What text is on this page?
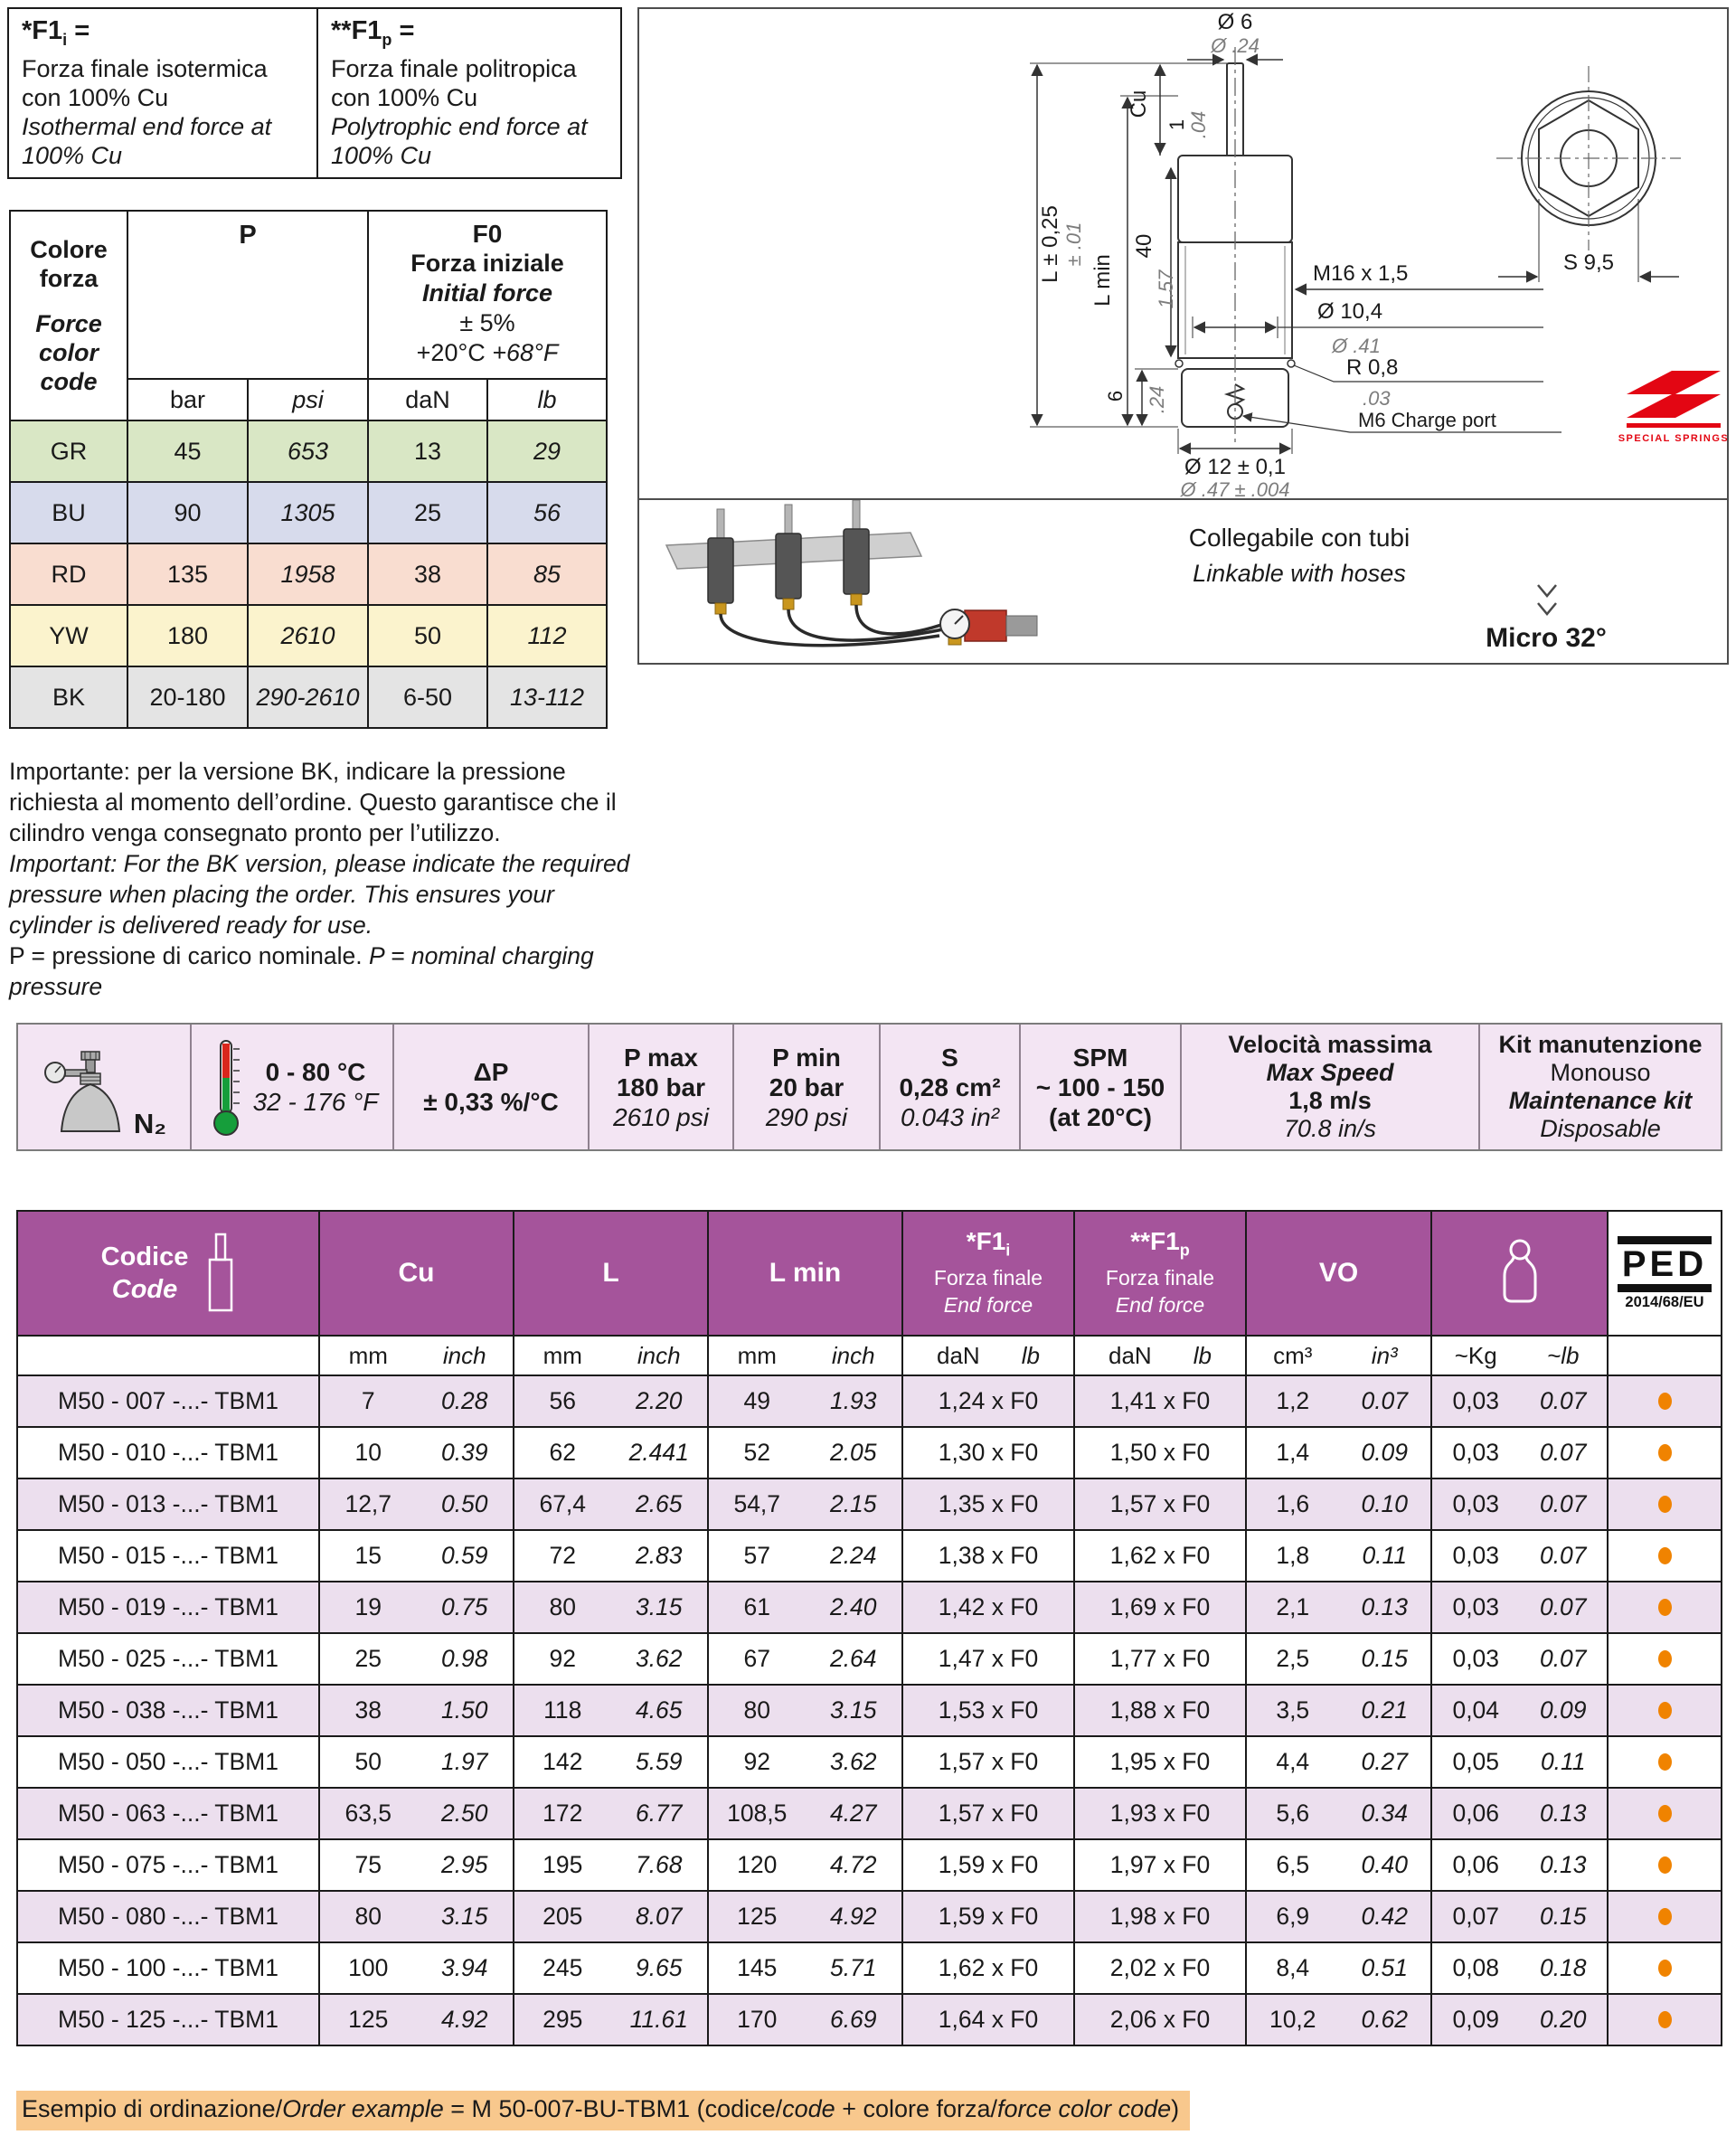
$*F1_i$ =
Forza finale isotermica
con 100% Cu
Isothermal end force at 100% Cu
$**F1_p$ =
Forza finale politropica
con 100% Cu
Polytrophic end force at 100% Cu
Colore forza
Force color code
	P	F0
Forza iniziale
Initial force
± 5%
+20°C +68°F

	bar	psi	daN	lb
GR	45	653	13	29
BU	90	1305	25	56
RD	135	1958	38	85
YW	180	2610	50	112
BK	20-180	290-2610	6-50	13-112

Importante: per la versione BK, indicare la pressione richiesta al momento dell’ordine. Questo garantisce che il cilindro venga consegnato pronto per l’utilizzo.

Important: For the BK version, please indicate the required pressure when placing the order. This ensures your cylinder is delivered ready for use.

P = pressione di carico nominale. P = nominal charging pressure

Ø 6
Ø .24
L ± 0,25 ± .01
L min
Cu
1 .04
40
1.57
6 .24
M16 x 1,5
Ø 10,4
Ø .41
R 0,8
.03
M6 Charge port
Ø 12 ± 0,1
Ø .47 ± .004
S 9,5
SPECIAL SPRINGS
Collegabile con tubi
Linkable with hoses
Micro 32°
N₂
0 - 80 °C
32 - 176 °F
ΔP
± 0,33 %/°C
P max
180 bar
2610 psi
P min
20 bar
290 psi
S
0,28 cm²
0.043 in²
SPM
~ 100 - 150
(at 20°C)
Velocità massima
Max Speed
1,8 m/s
70.8 in/s
Kit manutenzione
Monouso
Maintenance kit
Disposable
Codice
Code
Cu	L	L min
$*F1_i$
Forza finale
End force
$**F1_p$
Forza finale
End force
VO	PED
2014/68/EU
mm	inch	mm	inch	mm	inch	daN lb	daN lb	cm³	in³	~Kg	~lb
M50 - 007 -...- TBM1	7	0.28	56	2.20	49	1.93	1,24 x F0	1,41 x F0	1,2	0.07	0,03	0.07
M50 - 010 -...- TBM1	10	0.39	62	2.441	52	2.05	1,30 x F0	1,50 x F0	1,4	0.09	0,03	0.07
M50 - 013 -...- TBM1	12,7	0.50	67,4	2.65	54,7	2.15	1,35 x F0	1,57 x F0	1,6	0.10	0,03	0.07
M50 - 015 -...- TBM1	15	0.59	72	2.83	57	2.24	1,38 x F0	1,62 x F0	1,8	0.11	0,03	0.07
M50 - 019 -...- TBM1	19	0.75	80	3.15	61	2.40	1,42 x F0	1,69 x F0	2,1	0.13	0,03	0.07
M50 - 025 -...- TBM1	25	0.98	92	3.62	67	2.64	1,47 x F0	1,77 x F0	2,5	0.15	0,03	0.07
M50 - 038 -...- TBM1	38	1.50	118	4.65	80	3.15	1,53 x F0	1,88 x F0	3,5	0.21	0,04	0.09
M50 - 050 -...- TBM1	50	1.97	142	5.59	92	3.62	1,57 x F0	1,95 x F0	4,4	0.27	0,05	0.11
M50 - 063 -...- TBM1	63,5	2.50	172	6.77	108,5	4.27	1,57 x F0	1,93 x F0	5,6	0.34	0,06	0.13
M50 - 075 -...- TBM1	75	2.95	195	7.68	120	4.72	1,59 x F0	1,97 x F0	6,5	0.40	0,06	0.13
M50 - 080 -...- TBM1	80	3.15	205	8.07	125	4.92	1,59 x F0	1,98 x F0	6,9	0.42	0,07	0.15
M50 - 100 -...- TBM1	100	3.94	245	9.65	145	5.71	1,62 x F0	2,02 x F0	8,4	0.51	0,08	0.18
M50 - 125 -...- TBM1	125	4.92	295	11.61	170	6.69	1,64 x F0	2,06 x F0	10,2	0.62	0,09	0.20
Esempio di ordinazione/Order example = M 50-007-BU-TBM1 (codice/code + colore forza/force color code)
